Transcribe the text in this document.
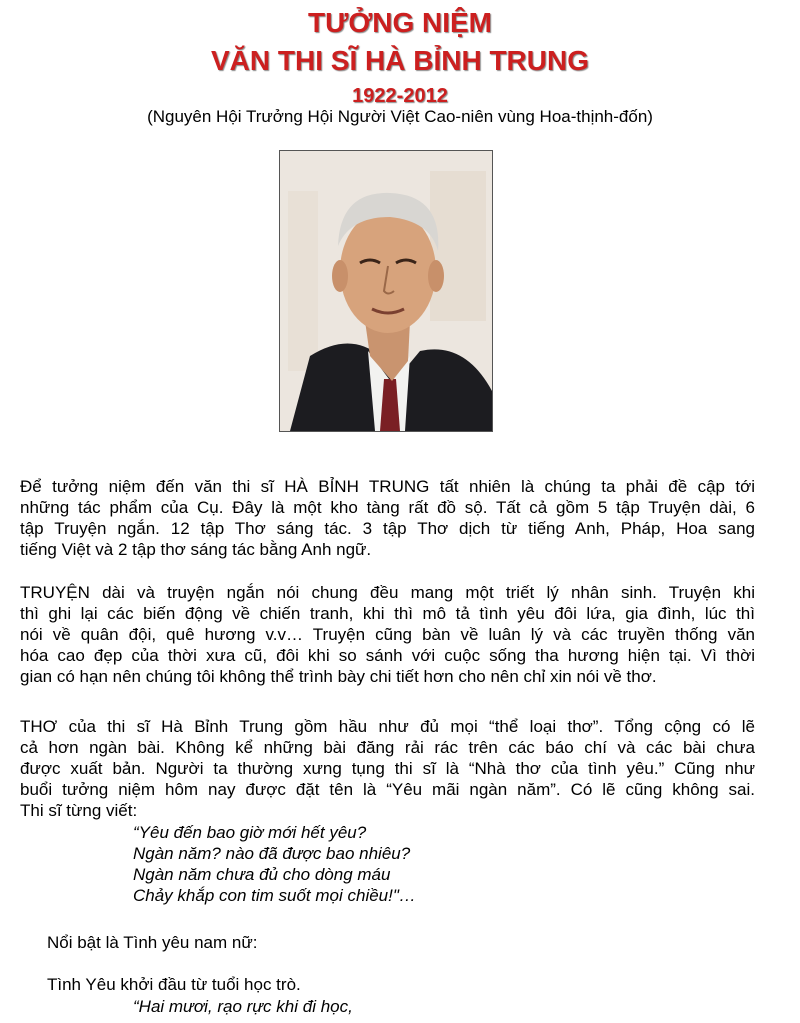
TƯỞNG NIỆM
VĂN THI SĨ HÀ BỈNH TRUNG
1922-2012
(Nguyên Hội Trưởng Hội Người Việt Cao-niên vùng Hoa-thịnh-đốn)
Để tưởng niệm đến văn thi sĩ HÀ BỈNH TRUNG tất nhiên là chúng ta phải đề cập tới
những tác phẩm của Cụ. Đây là một kho tàng rất đồ sộ. Tất cả gồm 5 tập Truyện dài, 6
tập Truyện ngắn. 12 tập Thơ sáng tác. 3 tập Thơ dịch từ tiếng Anh, Pháp, Hoa sang
tiếng Việt và 2 tập thơ sáng tác bằng Anh ngữ.
TRUYỆN dài và truyện ngắn nói chung đều mang một triết lý nhân sinh. Truyện khi
thì ghi lại các biến động về chiến tranh, khi thì mô tả tình yêu đôi lứa, gia đình, lúc thì
nói về quân đội, quê hương v.v… Truyện cũng bàn về luân lý và các truyền thống văn
hóa cao đẹp của thời xưa cũ, đôi khi so sánh với cuộc sống tha hương hiện tại. Vì thời
gian có hạn nên chúng tôi không thể trình bày chi tiết hơn cho nên chỉ xin nói về thơ.
THƠ của thi sĩ Hà Bỉnh Trung gồm hầu như đủ mọi “thể loại thơ”. Tổng cộng có lẽ
cả hơn ngàn bài. Không kể những bài đăng rải rác trên các báo chí và các bài chưa
được xuất bản. Người ta thường xưng tụng thi sĩ là “Nhà thơ của tình yêu.” Cũng như
buổi tưởng niệm hôm nay được đặt tên là “Yêu mãi ngàn năm”. Có lẽ cũng không sai.
Thi sĩ từng viết:
“Yêu đến bao giờ mới hết yêu?
Ngàn năm? nào đã được bao nhiêu?
Ngàn năm chưa đủ cho dòng máu
Chảy khắp con tim suốt mọi chiều!"…
Nổi bật là Tình yêu nam nữ:
Tình Yêu khởi đầu từ tuổi học trò.
“Hai mươi, rạo rực khi đi học,
